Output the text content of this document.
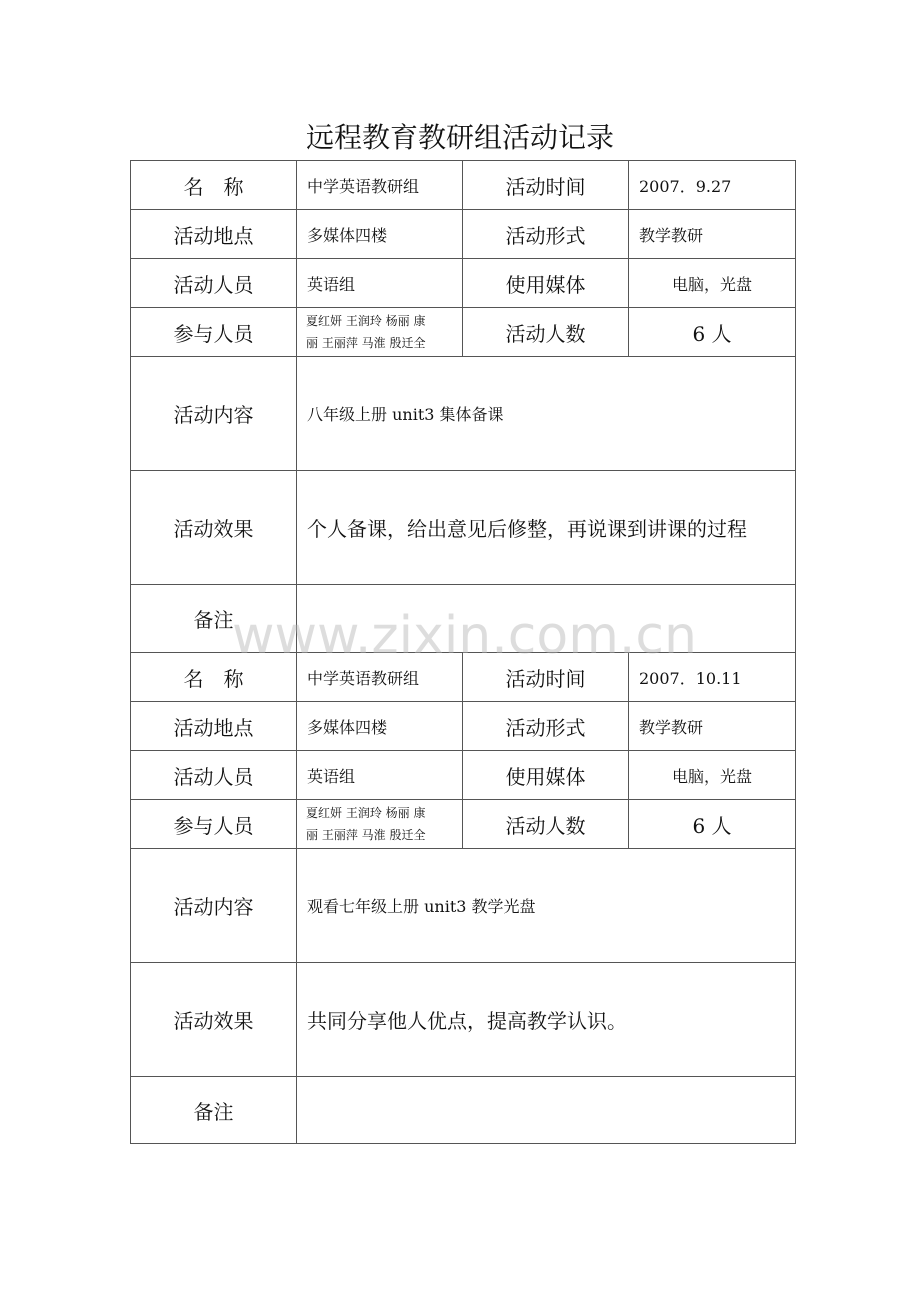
远程教育教研组活动记录
名　称	中学英语教研组	活动时间	2007．9.27
活动地点	多媒体四楼	活动形式	教学教研
活动人员	英语组	使用媒体	电脑，光盘
参与人员	夏红妍 王润玲 杨丽 康
丽 王丽萍 马淮 殷迁全	活动人数	6 人
活动内容	八年级上册 unit3 集体备课		
活动效果	个人备课，给出意见后修整，再说课到讲课的过程		
备注			
名　称	中学英语教研组	活动时间	2007．10.11
活动地点	多媒体四楼	活动形式	教学教研
活动人员	英语组	使用媒体	电脑，光盘
参与人员	夏红妍 王润玲 杨丽 康
丽 王丽萍 马淮 殷迁全	活动人数	6 人
活动内容	观看七年级上册 unit3 教学光盘		
活动效果	共同分享他人优点，提高教学认识。		
备注			
www.zixin.com.cn
